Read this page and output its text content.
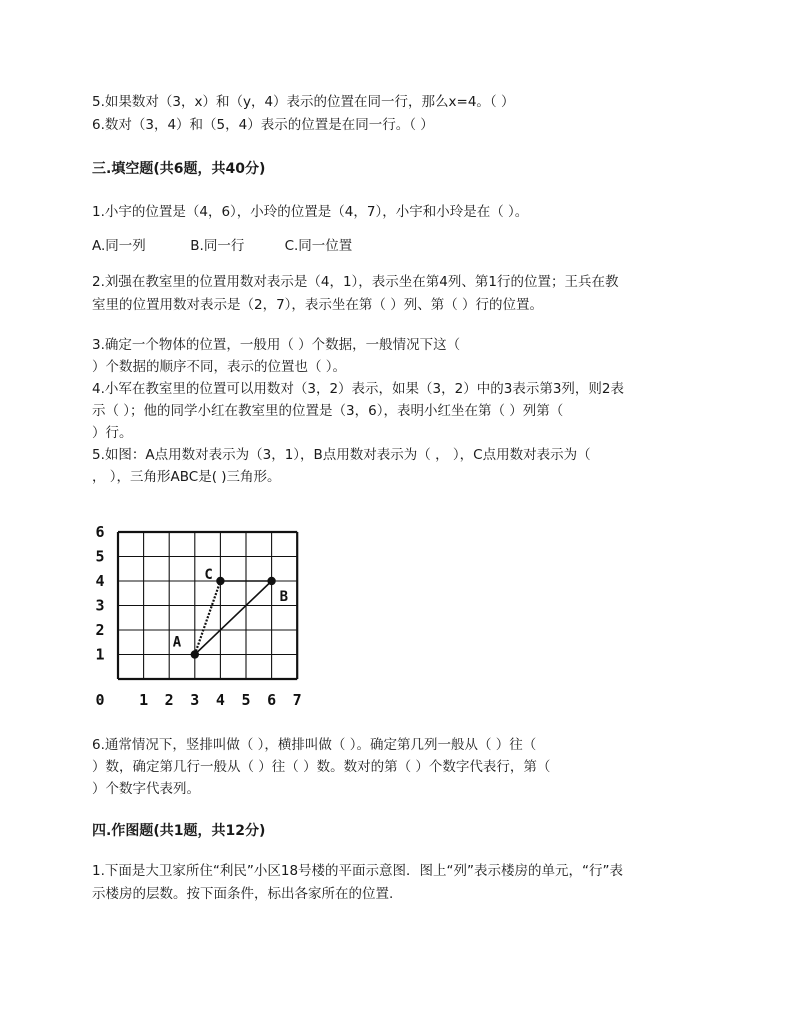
5.如果数对（3，x）和（y，4）表示的位置在同一行，那么x=4。（ ）
6.数对（3，4）和（5，4）表示的位置是在同一行。（ ）
三.填空题(共6题，共40分)
1.小宇的位置是（4，6），小玲的位置是（4，7），小宇和小玲是在（ ）。
A.同一列	B.同一行	C.同一位置
2.刘强在教室里的位置用数对表示是（4，1），表示坐在第4列、第1行的位置；王兵在教
室里的位置用数对表示是（2，7），表示坐在第（ ）列、第（ ）行的位置。
3.确定一个物体的位置，一般用（ ）个数据，一般情况下这（
）个数据的顺序不同，表示的位置也（ ）。
4.小军在教室里的位置可以用数对（3，2）表示，如果（3，2）中的3表示第3列，则2表
示（ ）；他的同学小红在教室里的位置是（3，6），表明小红坐在第（ ）列第（
）行。
5.如图：A点用数对表示为（3，1），B点用数对表示为（ ， ），C点用数对表示为（
， ），三角形ABC是( )三角形。
0 1 2 3 4 5 6 7
1
2
3
4
5
6
A
B
C
6.通常情况下，竖排叫做（ ），横排叫做（ ）。确定第几列一般从（ ）往（
）数，确定第几行一般从（ ）往（ ）数。数对的第（ ）个数字代表行，第（
）个数字代表列。
四.作图题(共1题，共12分)
1.下面是大卫家所住“利民”小区18号楼的平面示意图．图上“列”表示楼房的单元，“行”表
示楼房的层数。按下面条件，标出各家所在的位置.
